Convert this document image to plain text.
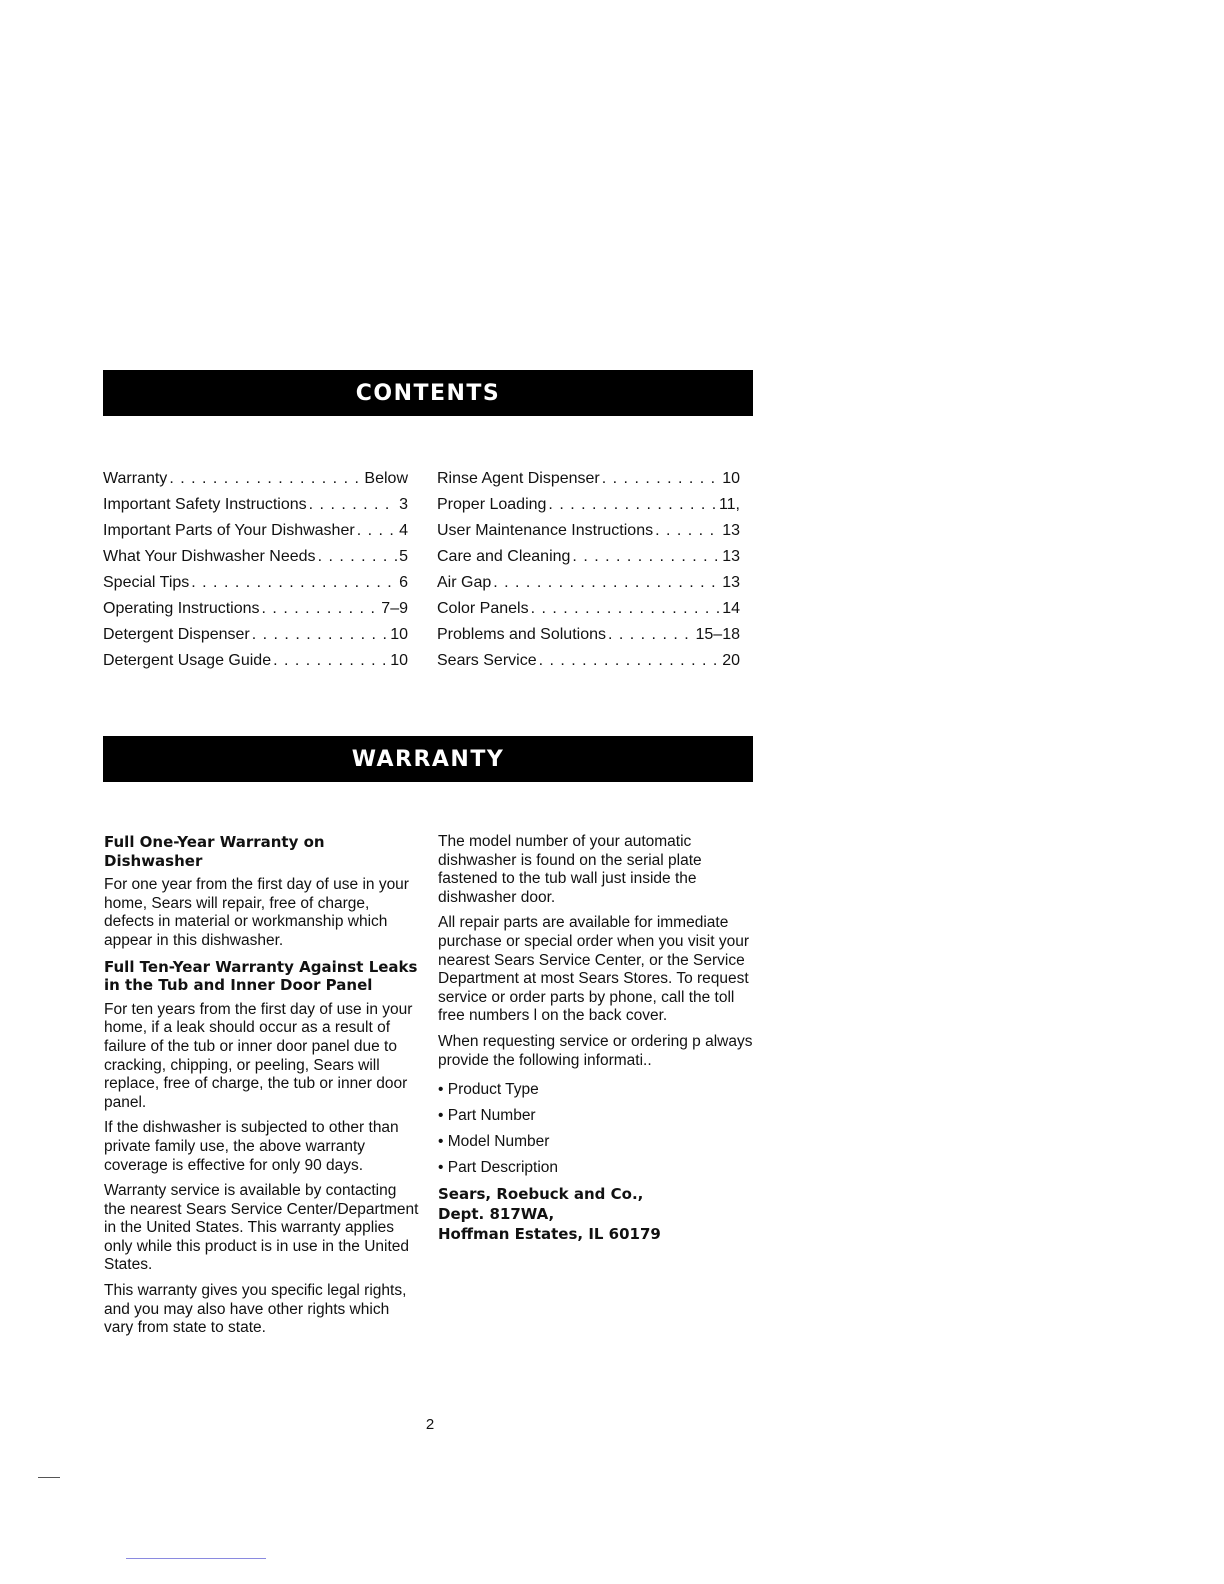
CONTENTS
Warranty . . .	Below
Important Safety Instructions . . .	3
Important Parts of Your Dishwasher . . .	4
What Your Dishwasher Needs . . .	5
Special Tips . . .	6
Operating Instructions . . .	7–9
Detergent Dispenser . . .	10
Detergent Usage Guide . . .	10
Rinse Agent Dispenser . . .	10
Proper Loading . . .	11,
User Maintenance Instructions . . .	13
Care and Cleaning . . .	13
Air Gap . . .	13
Color Panels . . .	14
Problems and Solutions . . .	15–18
Sears Service . . .	20
WARRANTY
Full One-Year Warranty on Dishwasher

For one year from the first day of use in your home, Sears will repair, free of charge, defects in material or workmanship which appear in this dishwasher.

Full Ten-Year Warranty Against Leaks in the Tub and Inner Door Panel

For ten years from the first day of use in your home, if a leak should occur as a result of failure of the tub or inner door panel due to cracking, chipping, or peeling, Sears will replace, free of charge, the tub or inner door panel.

If the dishwasher is subjected to other than private family use, the above warranty coverage is effective for only 90 days.

Warranty service is available by contacting the nearest Sears Service Center/Department in the United States. This warranty applies only while this product is in use in the United States.

This warranty gives you specific legal rights, and you may also have other rights which vary from state to state.

The model number of your automatic dishwasher is found on the serial plate fastened to the tub wall just inside the dishwasher door.

All repair parts are available for immediate purchase or special order when you visit your nearest Sears Service Center, or the Service Department at most Sears Stores. To request service or order parts by phone, call the toll free numbers l on the back cover.

When requesting service or ordering p always provide the following informati..

• Product Type
• Part Number
• Model Number
• Part Description
Sears, Roebuck and Co.,
Dept. 817WA,
Hoffman Estates, IL 60179
2
